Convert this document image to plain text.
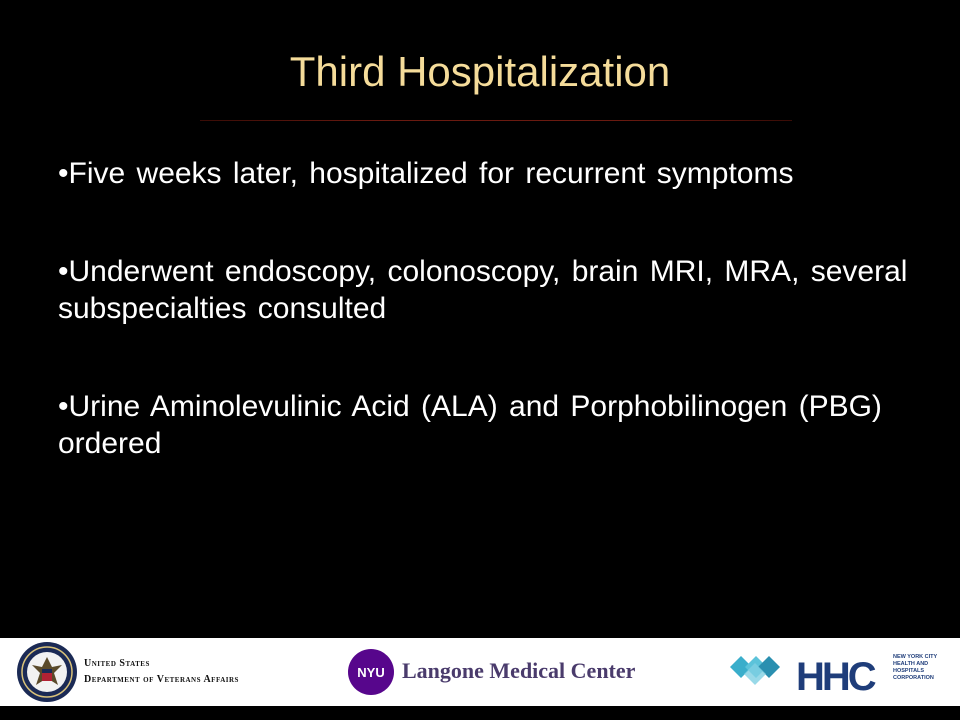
Third Hospitalization
•Five weeks later, hospitalized for recurrent symptoms
•Underwent endoscopy, colonoscopy, brain MRI, MRA, several subspecialties consulted
•Urine Aminolevulinic Acid (ALA) and Porphobilinogen (PBG) ordered
United States
Department of Veterans Affairs	NYU Langone Medical Center	HHC	NEW YORK CITY
HEALTH AND
HOSPITALS
CORPORATION
